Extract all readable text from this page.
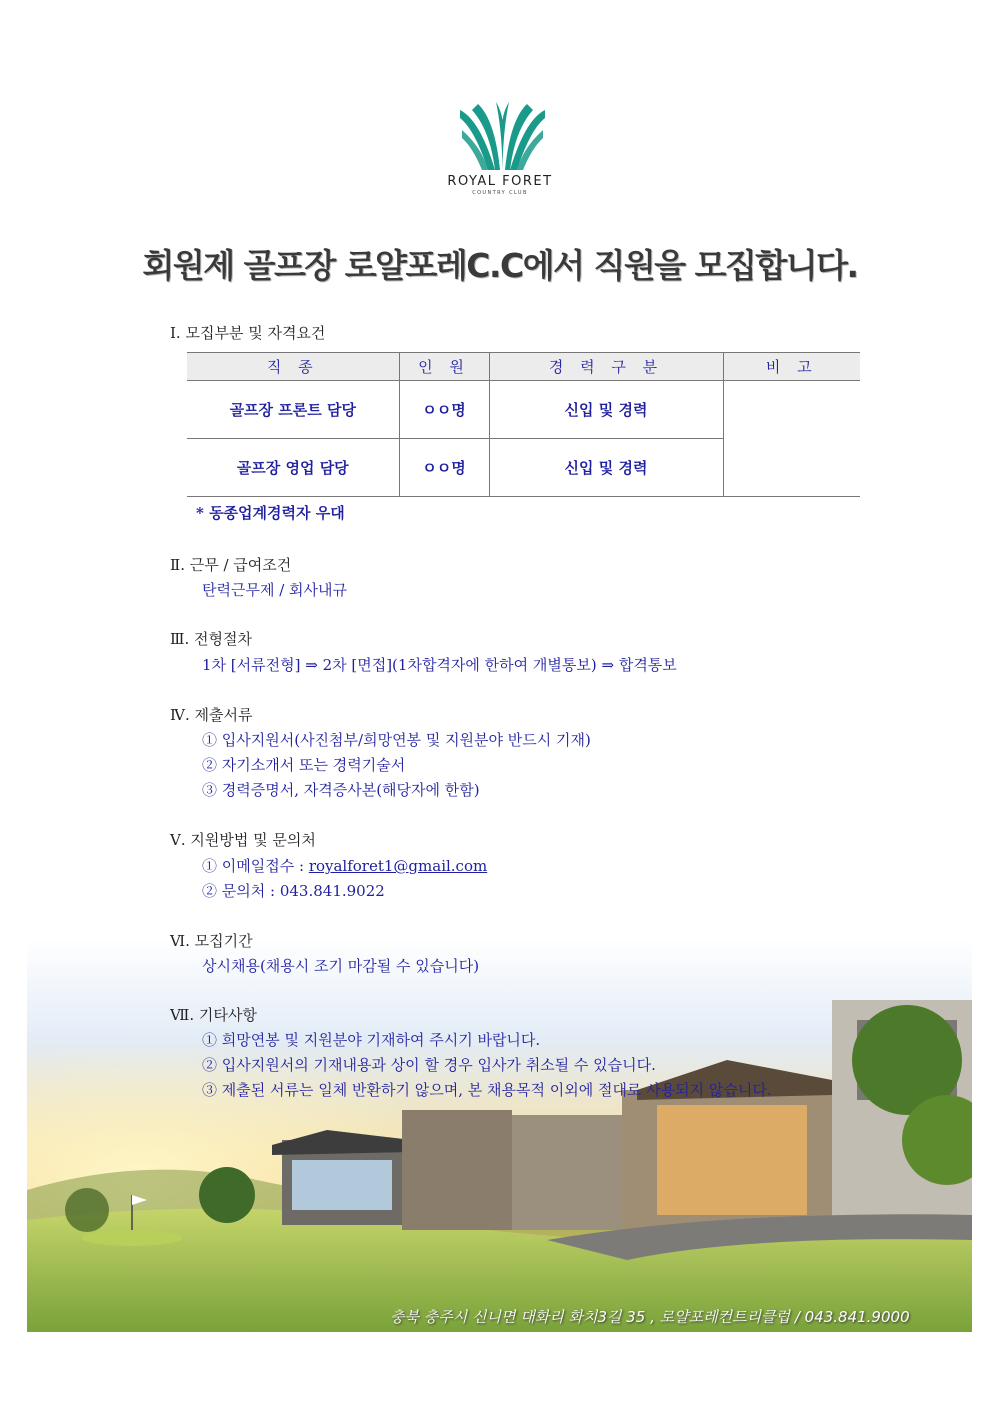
ROYAL FORET
COUNTRY CLUB
회원제 골프장 로얄포레C.C에서 직원을 모집합니다.
Ⅰ. 모집부분 및 자격요건
직 종	인 원	경 력 구 분	비 고
골프장 프론트 담당	ㅇㅇ명	신입 및 경력	
골프장 영업 담당	ㅇㅇ명	신입 및 경력	
* 동종업계경력자 우대
Ⅱ. 근무 / 급여조건
탄력근무제 / 회사내규
Ⅲ. 전형절차
1차 [서류전형] ⇒ 2차 [면접](1차합격자에 한하여 개별통보) ⇒ 합격통보
Ⅳ. 제출서류
① 입사지원서(사진첨부/희망연봉 및 지원분야 반드시 기재)
② 자기소개서 또는 경력기술서
③ 경력증명서, 자격증사본(해당자에 한함)
Ⅴ. 지원방법 및 문의처
① 이메일접수 : royalforet1@gmail.com
② 문의처 : 043.841.9022
Ⅵ. 모집기간
상시채용(채용시 조기 마감될 수 있습니다)
Ⅶ. 기타사항
① 희망연봉 및 지원분야 기재하여 주시기 바랍니다.
② 입사지원서의 기재내용과 상이 할 경우 입사가 취소될 수 있습니다.
③ 제출된 서류는 일체 반환하기 않으며, 본 채용목적 이외에 절대로 사용되지 않습니다.
충북 충주시 신니면 대화리 화치3길 35 , 로얄포레컨트리클럽 / 043.841.9000
